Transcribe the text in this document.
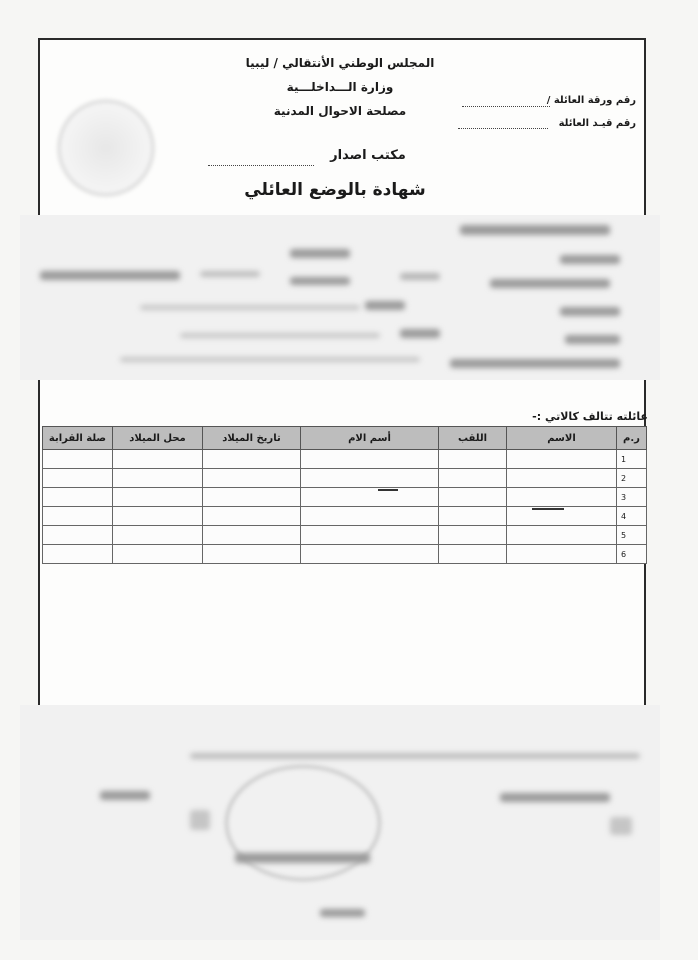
المجلس الوطني الأنتقالي / ليبيا
وزارة الـــداخلـــية
مصلحة الاحوال المدنية
رقم ورقة العائلة /
رقم قيـد العائلة
مكتب اصدار
شهادة بالوضع العائلي
عائلته تتالف كالاتي :-
ر.م	الاسم	اللقب	أسم الام	تاريخ الميلاد	محل الميلاد	صلة القرابة
1						
2						
3						
4						
5						
6						
